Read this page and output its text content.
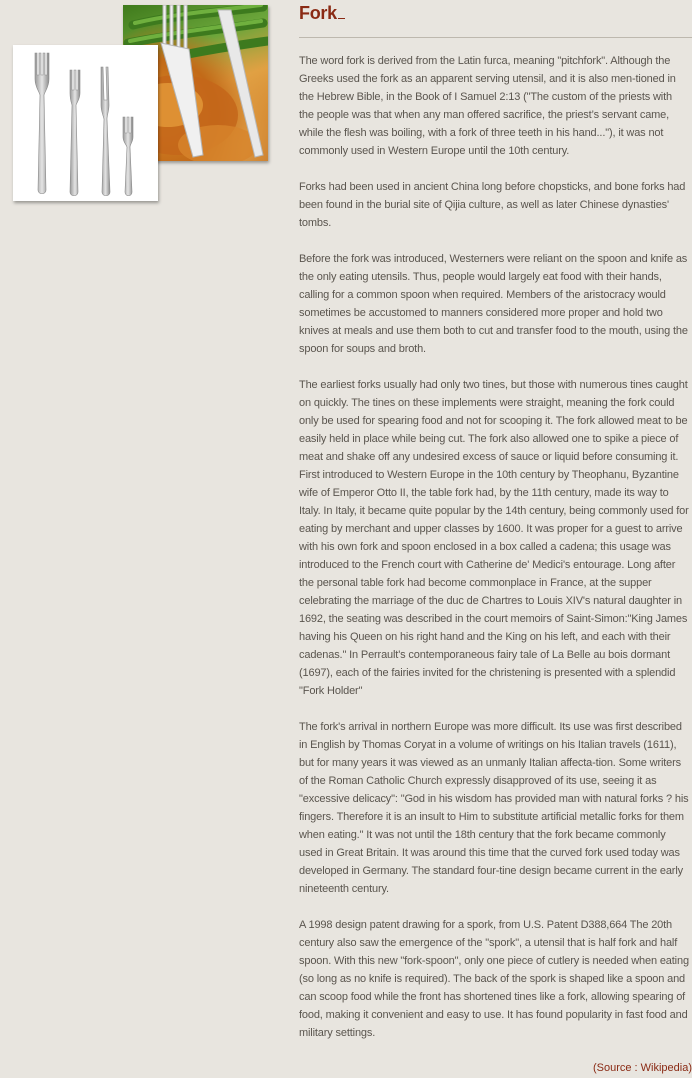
Fork

The word fork is derived from the Latin furca, meaning "pitchfork". Although the Greeks used the fork as an apparent serving utensil, and it is also men-tioned in the Hebrew Bible, in the Book of I Samuel 2:13 ("The custom of the priests with the people was that when any man offered sacrifice, the priest’s servant came, while the flesh was boiling, with a fork of three teeth in his hand..."), it was not commonly used in Western Europe until the 10th century.

Forks had been used in ancient China long before chopsticks, and bone forks had been found in the burial site of Qijia culture, as well as later Chinese dynasties' tombs.

Before the fork was introduced, Westerners were reliant on the spoon and knife as the only eating utensils. Thus, people would largely eat food with their hands, calling for a common spoon when required. Members of the aristocracy would sometimes be accustomed to manners considered more proper and hold two knives at meals and use them both to cut and transfer food to the mouth, using the spoon for soups and broth.

The earliest forks usually had only two tines, but those with numerous tines caught on quickly. The tines on these implements were straight, meaning the fork could only be used for spearing food and not for scooping it. The fork allowed meat to be easily held in place while being cut. The fork also allowed one to spike a piece of meat and shake off any undesired excess of sauce or liquid before consuming it. First introduced to Western Europe in the 10th century by Theophanu, Byzantine wife of Emperor Otto II, the table fork had, by the 11th century, made its way to Italy. In Italy, it became quite popular by the 14th century, being commonly used for eating by merchant and upper classes by 1600. It was proper for a guest to arrive with his own fork and spoon enclosed in a box called a cadena; this usage was introduced to the French court with Catherine de' Medici's entourage. Long after the personal table fork had become commonplace in France, at the supper celebrating the marriage of the duc de Chartres to Louis XIV's natural daughter in 1692, the seating was described in the court memoirs of Saint-Simon:"King James having his Queen on his right hand and the King on his left, and each with their cadenas." In Perrault's contemporaneous fairy tale of La Belle au bois dormant (1697), each of the fairies invited for the christening is presented with a splendid "Fork Holder"

The fork's arrival in northern Europe was more difficult. Its use was first described in English by Thomas Coryat in a volume of writings on his Italian travels (1611), but for many years it was viewed as an unmanly Italian affecta-tion. Some writers of the Roman Catholic Church expressly disapproved of its use, seeing it as "excessive delicacy": "God in his wisdom has provided man with natural forks ? his fingers. Therefore it is an insult to Him to substitute artificial metallic forks for them when eating." It was not until the 18th century that the fork became commonly used in Great Britain. It was around this time that the curved fork used today was developed in Germany. The standard four-tine design became current in the early nineteenth century.

A 1998 design patent drawing for a spork, from U.S. Patent D388,664 The 20th century also saw the emergence of the "spork", a utensil that is half fork and half spoon. With this new "fork-spoon", only one piece of cutlery is needed when eating (so long as no knife is required). The back of the spork is shaped like a spoon and can scoop food while the front has shortened tines like a fork, allowing spearing of food, making it convenient and easy to use. It has found popularity in fast food and military settings.

(Source : Wikipedia)
